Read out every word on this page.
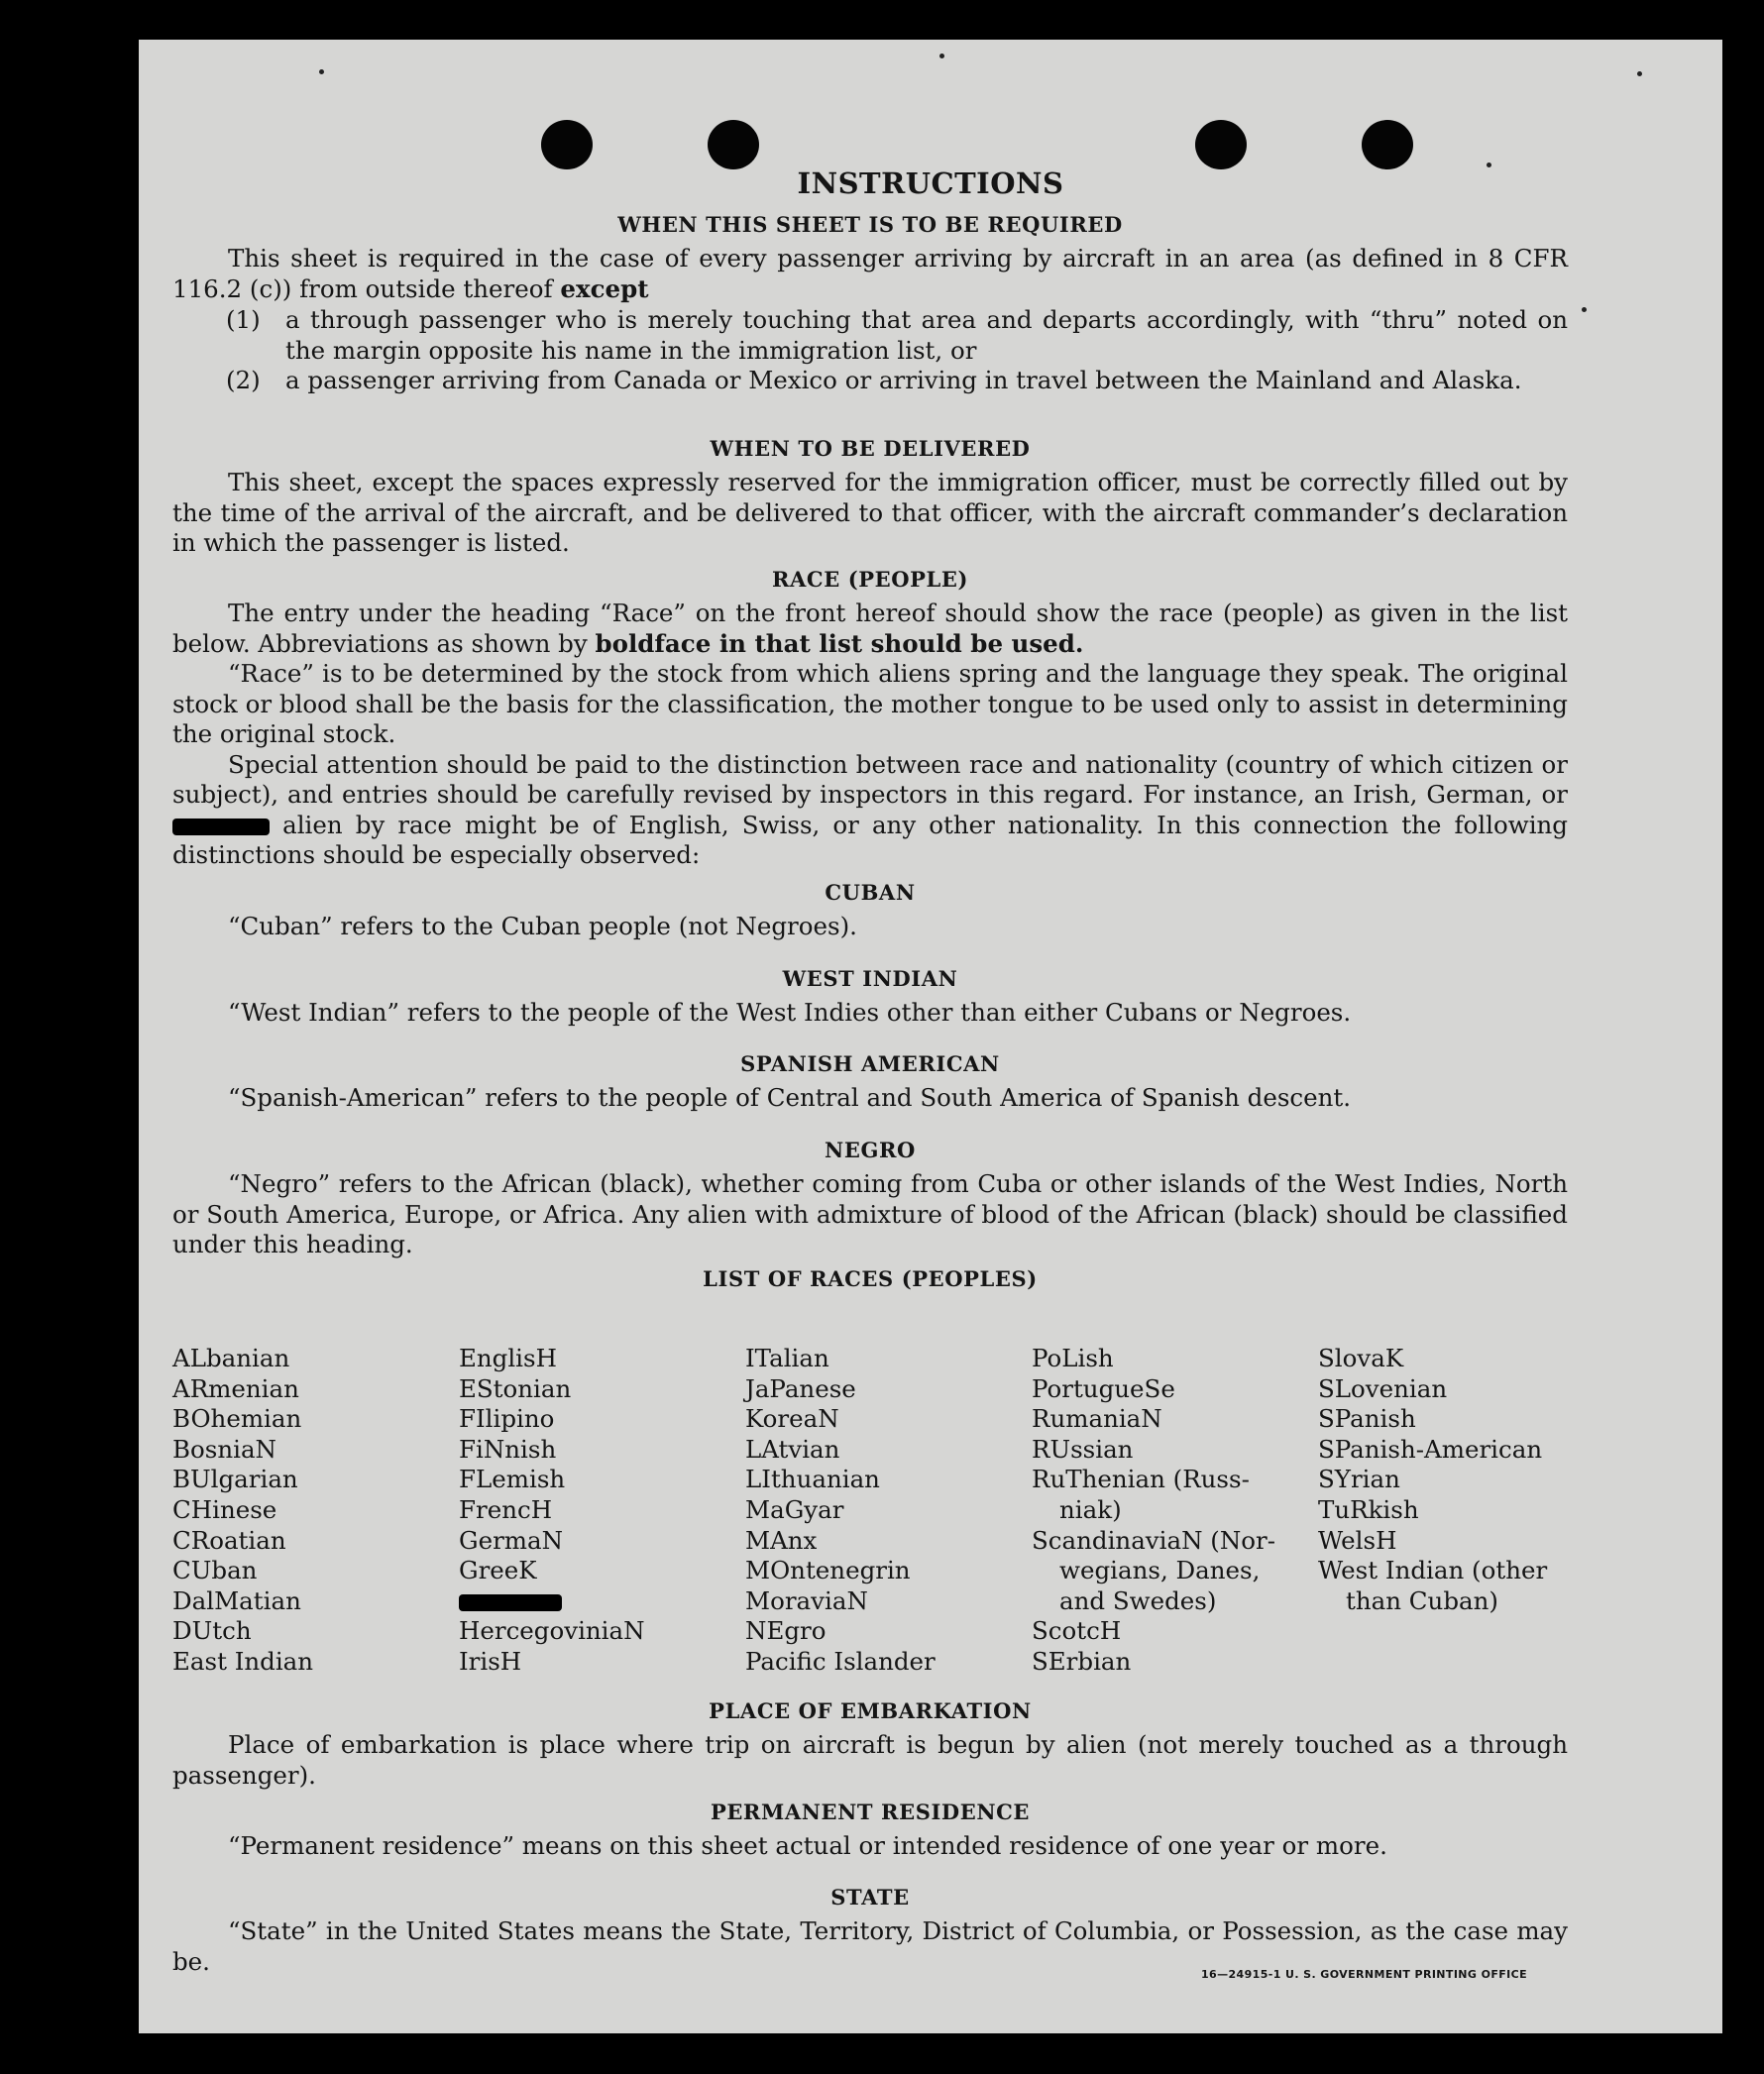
INSTRUCTIONS
WHEN THIS SHEET IS TO BE REQUIRED

This sheet is required in the case of every passenger arriving by aircraft in an area (as defined in 8 CFR 116.2 (c)) from outside thereof except

(1) a through passenger who is merely touching that area and departs accordingly, with “thru” noted on the margin opposite his name in the immigration list, or
(2) a passenger arriving from Canada or Mexico or arriving in travel between the Mainland and Alaska.
WHEN TO BE DELIVERED

This sheet, except the spaces expressly reserved for the immigration officer, must be correctly filled out by the time of the arrival of the aircraft, and be delivered to that officer, with the aircraft commander’s declaration in which the passenger is listed.

RACE (PEOPLE)

The entry under the heading “Race” on the front hereof should show the race (people) as given in the list below. Abbreviations as shown by boldface in that list should be used.

“Race” is to be determined by the stock from which aliens spring and the language they speak. The original stock or blood shall be the basis for the classification, the mother tongue to be used only to assist in determining the original stock.

Special attention should be paid to the distinction between race and nationality (country of which citizen or subject), and entries should be carefully revised by inspectors in this regard. For instance, an Irish, German, or  alien by race might be of English, Swiss, or any other nationality. In this connection the following distinctions should be especially observed:

CUBAN

“Cuban” refers to the Cuban people (not Negroes).

WEST INDIAN

“West Indian” refers to the people of the West Indies other than either Cubans or Negroes.

SPANISH AMERICAN

“Spanish-American” refers to the people of Central and South America of Spanish descent.

NEGRO

“Negro” refers to the African (black), whether coming from Cuba or other islands of the West Indies, North or South America, Europe, or Africa. Any alien with admixture of blood of the African (black) should be classified under this heading.

LIST OF RACES (PEOPLES)
ALbanian
ARmenian
BOhemian
BosniaN
BUlgarian
CHinese
CRoatian
CUban
DalMatian
DUtch
East Indian
EnglisH
EStonian
FIlipino
FiNnish
FLemish
FrencH
GermaN
GreeK
HercegoviniaN
IrisH
ITalian
JaPanese
KoreaN
LAtvian
LIthuanian
MaGyar
MAnx
MOntenegrin
MoraviaN
NEgro
Pacific Islander
PoLish
PortugueSe
RumaniaN
RUssian
RuThenian (Russ-
niak)
ScandinaviaN (Nor-
wegians, Danes,
and Swedes)
ScotcH
SErbian
SlovaK
SLovenian
SPanish
SPanish-American
SYrian
TuRkish
WelsH
West Indian (other
than Cuban)
PLACE OF EMBARKATION

Place of embarkation is place where trip on aircraft is begun by alien (not merely touched as a through passenger).

PERMANENT RESIDENCE

“Permanent residence” means on this sheet actual or intended residence of one year or more.

STATE

“State” in the United States means the State, Territory, District of Columbia, or Possession, as the case may be.	16—24915-1 U. S. GOVERNMENT PRINTING OFFICE
